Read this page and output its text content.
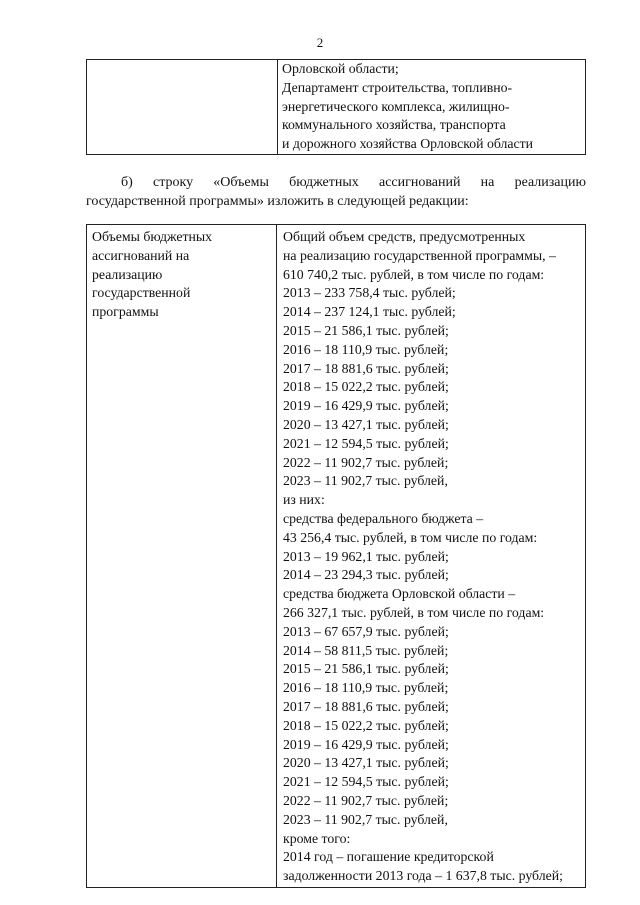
2

Орловской области;
Департамент строительства, топливно-
энергетического комплекса, жилищно-
коммунального хозяйства, транспорта
и дорожного хозяйства Орловской области
б) строку «Объемы бюджетных ассигнований на реализацию
государственной программы» изложить в следующей редакции:
Объемы бюджетных
ассигнований на
реализацию
государственной
программы

Общий объем средств, предусмотренных
на реализацию государственной программы, –
610 740,2 тыс. рублей, в том числе по годам:
2013 – 233 758,4 тыс. рублей;
2014 – 237 124,1 тыс. рублей;
2015 – 21 586,1 тыс. рублей;
2016 – 18 110,9 тыс. рублей;
2017 – 18 881,6 тыс. рублей;
2018 – 15 022,2 тыс. рублей;
2019 – 16 429,9 тыс. рублей;
2020 – 13 427,1 тыс. рублей;
2021 – 12 594,5 тыс. рублей;
2022 – 11 902,7 тыс. рублей;
2023 – 11 902,7 тыс. рублей,
из них:
средства федерального бюджета –
43 256,4 тыс. рублей, в том числе по годам:
2013 – 19 962,1 тыс. рублей;
2014 – 23 294,3 тыс. рублей;
средства бюджета Орловской области –
266 327,1 тыс. рублей, в том числе по годам:
2013 – 67 657,9 тыс. рублей;
2014 – 58 811,5 тыс. рублей;
2015 – 21 586,1 тыс. рублей;
2016 – 18 110,9 тыс. рублей;
2017 – 18 881,6 тыс. рублей;
2018 – 15 022,2 тыс. рублей;
2019 – 16 429,9 тыс. рублей;
2020 – 13 427,1 тыс. рублей;
2021 – 12 594,5 тыс. рублей;
2022 – 11 902,7 тыс. рублей;
2023 – 11 902,7 тыс. рублей,
кроме того:
2014 год – погашение кредиторской
задолженности 2013 года – 1 637,8 тыс. рублей;
